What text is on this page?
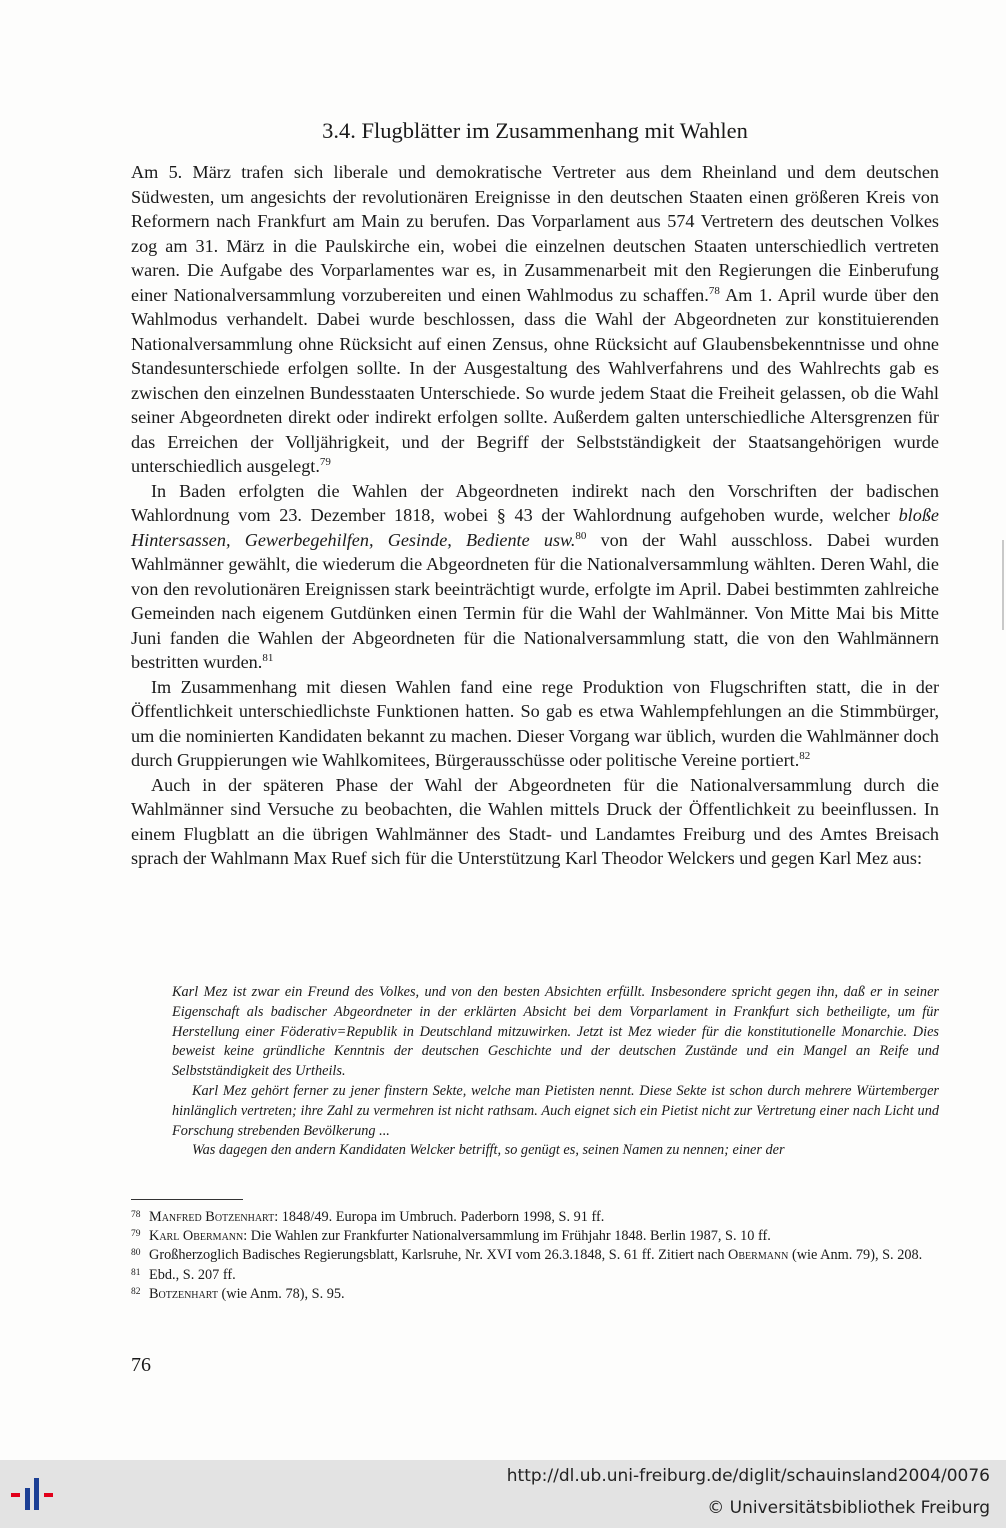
3.4. Flugblätter im Zusammenhang mit Wahlen

Am 5. März trafen sich liberale und demokratische Vertreter aus dem Rheinland und dem deutschen Südwesten, um angesichts der revolutionären Ereignisse in den deutschen Staaten einen größeren Kreis von Reformern nach Frankfurt am Main zu berufen. Das Vorparlament aus 574 Vertretern des deutschen Volkes zog am 31. März in die Paulskirche ein, wobei die einzelnen deutschen Staaten unterschiedlich vertreten waren. Die Aufgabe des Vorparlamentes war es, in Zusammenarbeit mit den Regierungen die Einberufung einer Nationalversammlung vorzubereiten und einen Wahlmodus zu schaffen.$^{78}$ Am 1. April wurde über den Wahlmodus verhandelt. Dabei wurde beschlossen, dass die Wahl der Abgeordneten zur konstituierenden Nationalversammlung ohne Rücksicht auf einen Zensus, ohne Rücksicht auf Glaubensbekenntnisse und ohne Standesunterschiede erfolgen sollte. In der Ausgestaltung des Wahlverfahrens und des Wahlrechts gab es zwischen den einzelnen Bundesstaaten Unterschiede. So wurde jedem Staat die Freiheit gelassen, ob die Wahl seiner Abgeordneten direkt oder indirekt erfolgen sollte. Außerdem galten unterschiedliche Altersgrenzen für das Erreichen der Volljährigkeit, und der Begriff der Selbstständigkeit der Staatsangehörigen wurde unterschiedlich ausgelegt.$^{79}$

In Baden erfolgten die Wahlen der Abgeordneten indirekt nach den Vorschriften der badischen Wahlordnung vom 23. Dezember 1818, wobei § 43 der Wahlordnung aufgehoben wurde, welcher bloße Hintersassen, Gewerbegehilfen, Gesinde, Bediente usw.$^{80}$ von der Wahl ausschloss. Dabei wurden Wahlmänner gewählt, die wiederum die Abgeordneten für die Nationalversammlung wählten. Deren Wahl, die von den revolutionären Ereignissen stark beeinträchtigt wurde, erfolgte im April. Dabei bestimmten zahlreiche Gemeinden nach eigenem Gutdünken einen Termin für die Wahl der Wahlmänner. Von Mitte Mai bis Mitte Juni fanden die Wahlen der Abgeordneten für die Nationalversammlung statt, die von den Wahlmännern bestritten wurden.$^{81}$

Im Zusammenhang mit diesen Wahlen fand eine rege Produktion von Flugschriften statt, die in der Öffentlichkeit unterschiedlichste Funktionen hatten. So gab es etwa Wahlempfehlungen an die Stimmbürger, um die nominierten Kandidaten bekannt zu machen. Dieser Vorgang war üblich, wurden die Wahlmänner doch durch Gruppierungen wie Wahlkomitees, Bürgerausschüsse oder politische Vereine portiert.$^{82}$

Auch in der späteren Phase der Wahl der Abgeordneten für die Nationalversammlung durch die Wahlmänner sind Versuche zu beobachten, die Wahlen mittels Druck der Öffentlichkeit zu beeinflussen. In einem Flugblatt an die übrigen Wahlmänner des Stadt- und Landamtes Freiburg und des Amtes Breisach sprach der Wahlmann Max Ruef sich für die Unterstützung Karl Theodor Welckers und gegen Karl Mez aus:

Karl Mez ist zwar ein Freund des Volkes, und von den besten Absichten erfüllt. Insbesondere spricht gegen ihn, daß er in seiner Eigenschaft als badischer Abgeordneter in der erklärten Absicht bei dem Vorparlament in Frankfurt sich betheiligte, um für Herstellung einer Föderativ=Republik in Deutschland mitzuwirken. Jetzt ist Mez wieder für die konstitutionelle Monarchie. Dies beweist keine gründliche Kenntnis der deutschen Geschichte und der deutschen Zustände und ein Mangel an Reife und Selbstständigkeit des Urtheils.

Karl Mez gehört ferner zu jener finstern Sekte, welche man Pietisten nennt. Diese Sekte ist schon durch mehrere Würtemberger hinlänglich vertreten; ihre Zahl zu vermehren ist nicht rathsam. Auch eignet sich ein Pietist nicht zur Vertretung einer nach Licht und Forschung strebenden Bevölkerung ...

Was dagegen den andern Kandidaten Welcker betrifft, so genügt es, seinen Namen zu nennen; einer der

78 Manfred Botzenhart: 1848/49. Europa im Umbruch. Paderborn 1998, S. 91 ff.
79 Karl Obermann: Die Wahlen zur Frankfurter Nationalversammlung im Frühjahr 1848. Berlin 1987, S. 10 ff.
80 Großherzoglich Badisches Regierungsblatt, Karlsruhe, Nr. XVI vom 26.3.1848, S. 61 ff. Zitiert nach Obermann (wie Anm. 79), S. 208.
81 Ebd., S. 207 ff.
82 Botzenhart (wie Anm. 78), S. 95.
76
http://dl.ub.uni-freiburg.de/diglit/schauinsland2004/0076
© Universitätsbibliothek Freiburg
